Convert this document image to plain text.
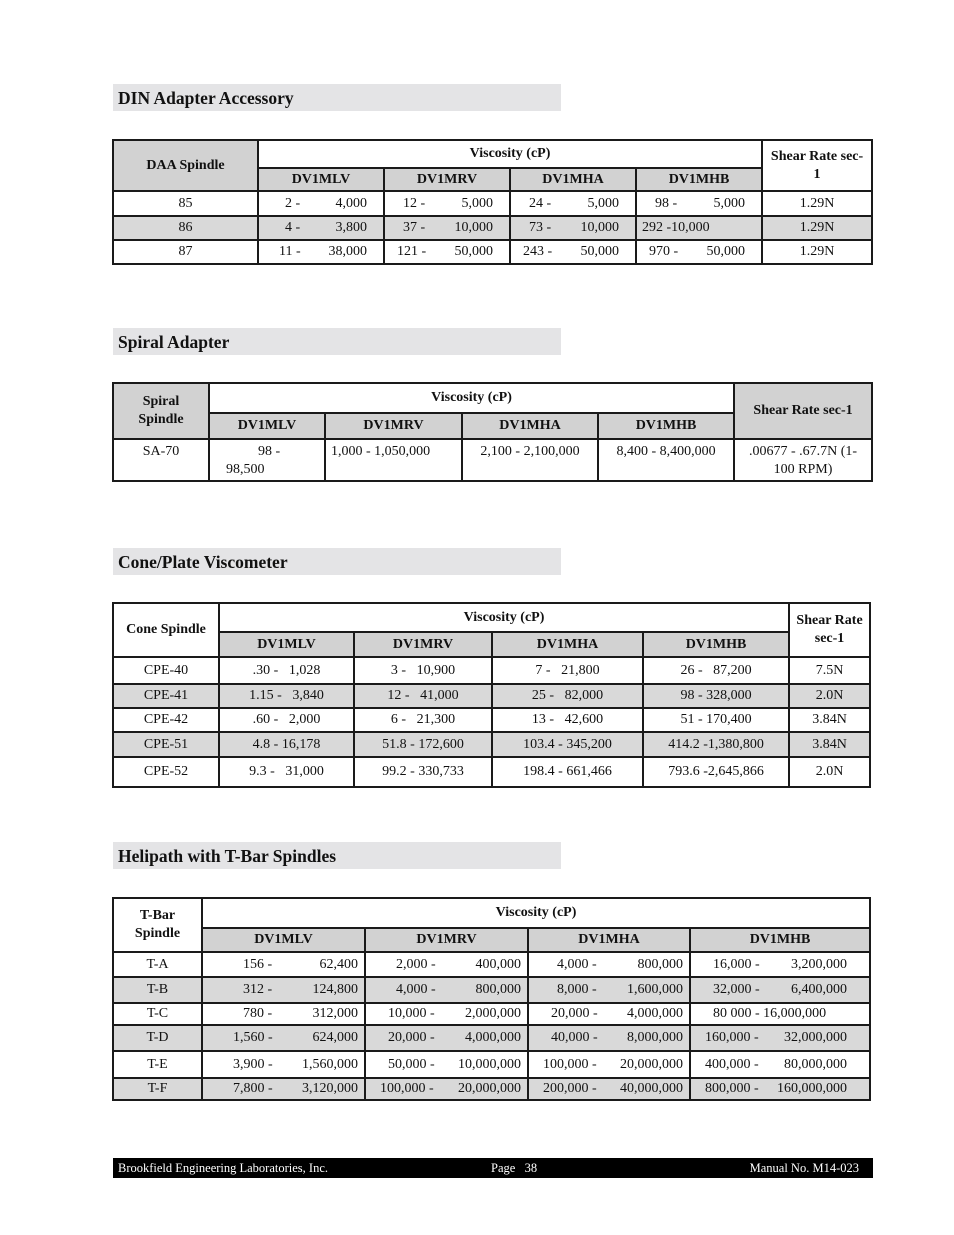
DIN Adapter Accessory
DAA Spindle	Viscosity (cP)				Shear Rate sec-1
	DV1MLV	DV1MRV	DV1MHA	DV1MHB	
85	2 - 4,000	12 - 5,000	24 - 5,000	98 - 5,000	1.29N
86	4 - 3,800	37 - 10,000	73 - 10,000	292 -10,000	1.29N
87	11 - 38,000	121 - 50,000	243 - 50,000	970 - 50,000	1.29N
Spiral Adapter
Spiral Spindle	Viscosity (cP)				Shear Rate sec-1
	DV1MLV	DV1MRV	DV1MHA	DV1MHB	
SA-70	98 - 98,500	1,000 - 1,050,000	2,100 - 2,100,000	8,400 - 8,400,000	.00677 - .67.7N (1-100 RPM)
Cone/Plate Viscometer
Cone Spindle	Viscosity (cP)				Shear Rate sec-1
	DV1MLV	DV1MRV	DV1MHA	DV1MHB	
CPE-40	.30 -   1,028	3 -   10,900	7 -   21,800	26 -   87,200	7.5N
CPE-41	1.15 -   3,840	12 -   41,000	25 -   82,000	98 - 328,000	2.0N
CPE-42	.60 -   2,000	6 -   21,300	13 -   42,600	51 - 170,400	3.84N
CPE-51	4.8 - 16,178	51.8 - 172,600	103.4 - 345,200	414.2 -1,380,800	3.84N
CPE-52	9.3 -   31,000	99.2 - 330,733	198.4 - 661,466	793.6 -2,645,866	2.0N
Helipath with T-Bar Spindles
T-Bar Spindle	Viscosity (cP)			
	DV1MLV	DV1MRV	DV1MHA	DV1MHB
T-A	156 - 62,400	2,000 - 400,000	4,000 - 800,000	16,000 - 3,200,000

T-B	312 - 124,800	4,000 - 800,000	8,000 - 1,600,000	32,000 - 6,400,000

T-C	780 - 312,000	10,000 - 2,000,000	20,000 - 4,000,000	80 000 - 16,000,000
T-D	1,560 - 624,000	20,000 - 4,000,000	40,000 - 8,000,000	160,000 - 32,000,000

T-E	3,900 - 1,560,000	50,000 - 10,000,000	100,000 - 20,000,000	400,000 - 80,000,000

T-F	7,800 - 3,120,000	100,000 - 20,000,000	200,000 - 40,000,000	800,000 - 160,000,000
Brookfield Engineering Laboratories, Inc.	Page   38	Manual No. M14-023
